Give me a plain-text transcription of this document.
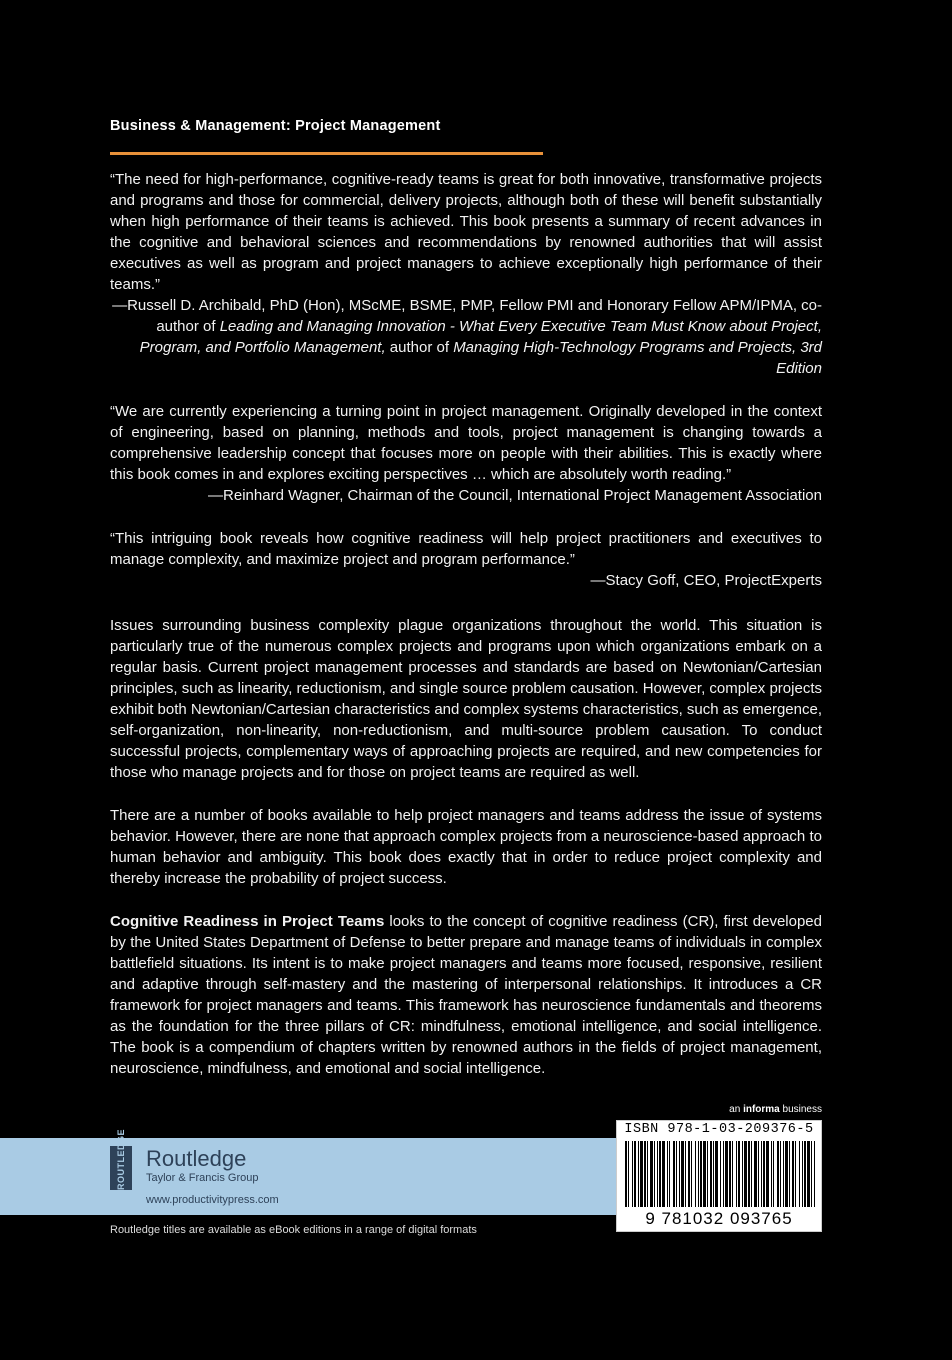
Business & Management: Project Management

“The need for high-performance, cognitive-ready teams is great for both innovative, transformative projects and programs and those for commercial, delivery projects, although both of these will benefit substantially when high performance of their teams is achieved. This book presents a summary of recent advances in the cognitive and behavioral sciences and recommendations by renowned authorities that will assist executives as well as program and project managers to achieve exceptionally high performance of their teams.”

—Russell D. Archibald, PhD (Hon), MScME, BSME, PMP, Fellow PMI and Honorary Fellow APM/IPMA, co-author of Leading and Managing Innovation - What Every Executive Team Must Know about Project, Program, and Portfolio Management, author of Managing High-Technology Programs and Projects, 3rd Edition

“We are currently experiencing a turning point in project management. Originally developed in the context of engineering, based on planning, methods and tools, project management is changing towards a comprehensive leadership concept that focuses more on people with their abilities. This is exactly where this book comes in and explores exciting perspectives … which are absolutely worth reading.”

—Reinhard Wagner, Chairman of the Council, International Project Management Association

“This intriguing book reveals how cognitive readiness will help project practitioners and executives to manage complexity, and maximize project and program performance.”

—Stacy Goff, CEO, ProjectExperts

Issues surrounding business complexity plague organizations throughout the world. This situation is particularly true of the numerous complex projects and programs upon which organizations embark on a regular basis. Current project management processes and standards are based on Newtonian/Cartesian principles, such as linearity, reductionism, and single source problem causation. However, complex projects exhibit both Newtonian/Cartesian characteristics and complex systems characteristics, such as emergence, self-organization, non-linearity, non-reductionism, and multi-source problem causation. To conduct successful projects, complementary ways of approaching projects are required, and new competencies for those who manage projects and for those on project teams are required as well.

There are a number of books available to help project managers and teams address the issue of systems behavior. However, there are none that approach complex projects from a neuroscience-based approach to human behavior and ambiguity. This book does exactly that in order to reduce project complexity and thereby increase the probability of project success.

Cognitive Readiness in Project Teams looks to the concept of cognitive readiness (CR), first developed by the United States Department of Defense to better prepare and manage teams of individuals in complex battlefield situations. Its intent is to make project managers and teams more focused, responsive, resilient and adaptive through self-mastery and the mastering of interpersonal relationships. It introduces a CR framework for project managers and teams. This framework has neuroscience fundamentals and theorems as the foundation for the three pillars of CR: mindfulness, emotional intelligence, and social intelligence. The book is a compendium of chapters written by renowned authors in the fields of project management, neuroscience, mindfulness, and emotional and social intelligence.

an informa business
ROUTLEDGE Routledge
Taylor & Francis Group
www.productivitypress.com
ISBN 978-1-03-209376-5
9 781032 093765
Routledge titles are available as eBook editions in a range of digital formats
